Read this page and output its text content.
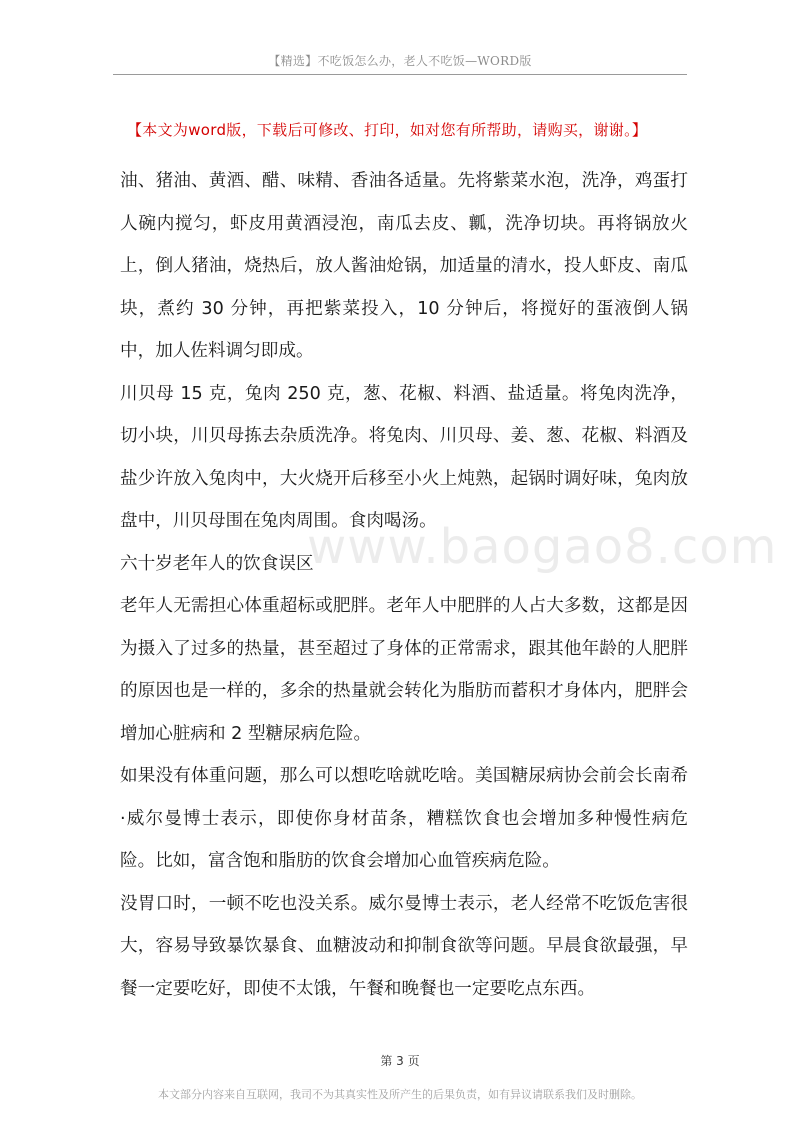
【精选】不吃饭怎么办，老人不吃饭—WORD版
【本文为word版，下载后可修改、打印，如对您有所帮助，请购买，谢谢。】

油、猪油、黄酒、醋、味精、香油各适量。先将紫菜水泡，洗净，鸡蛋打人碗内搅匀，虾皮用黄酒浸泡，南瓜去皮、瓤，洗净切块。再将锅放火上，倒人猪油，烧热后，放人酱油炝锅，加适量的清水，投人虾皮、南瓜块，煮约 30 分钟，再把紫菜投入，10 分钟后，将搅好的蛋液倒人锅中，加人佐料调匀即成。

川贝母 15 克，兔肉 250 克，葱、花椒、料酒、盐适量。将兔肉洗净，切小块，川贝母拣去杂质洗净。将兔肉、川贝母、姜、葱、花椒、料酒及盐少许放入兔肉中，大火烧开后移至小火上炖熟，起锅时调好味，兔肉放盘中，川贝母围在兔肉周围。食肉喝汤。

六十岁老年人的饮食误区

老年人无需担心体重超标或肥胖。老年人中肥胖的人占大多数，这都是因为摄入了过多的热量，甚至超过了身体的正常需求，跟其他年龄的人肥胖的原因也是一样的，多余的热量就会转化为脂肪而蓄积才身体内，肥胖会增加心脏病和 2 型糖尿病危险。

如果没有体重问题，那么可以想吃啥就吃啥。美国糖尿病协会前会长南希·威尔曼博士表示，即使你身材苗条，糟糕饮食也会增加多种慢性病危险。比如，富含饱和脂肪的饮食会增加心血管疾病危险。

没胃口时，一顿不吃也没关系。威尔曼博士表示，老人经常不吃饭危害很大，容易导致暴饮暴食、血糖波动和抑制食欲等问题。早晨食欲最强，早餐一定要吃好，即使不太饿，午餐和晚餐也一定要吃点东西。

www.baogao8.com
第 3 页
本文部分内容来自互联网，我司不为其真实性及所产生的后果负责，如有异议请联系我们及时删除。
